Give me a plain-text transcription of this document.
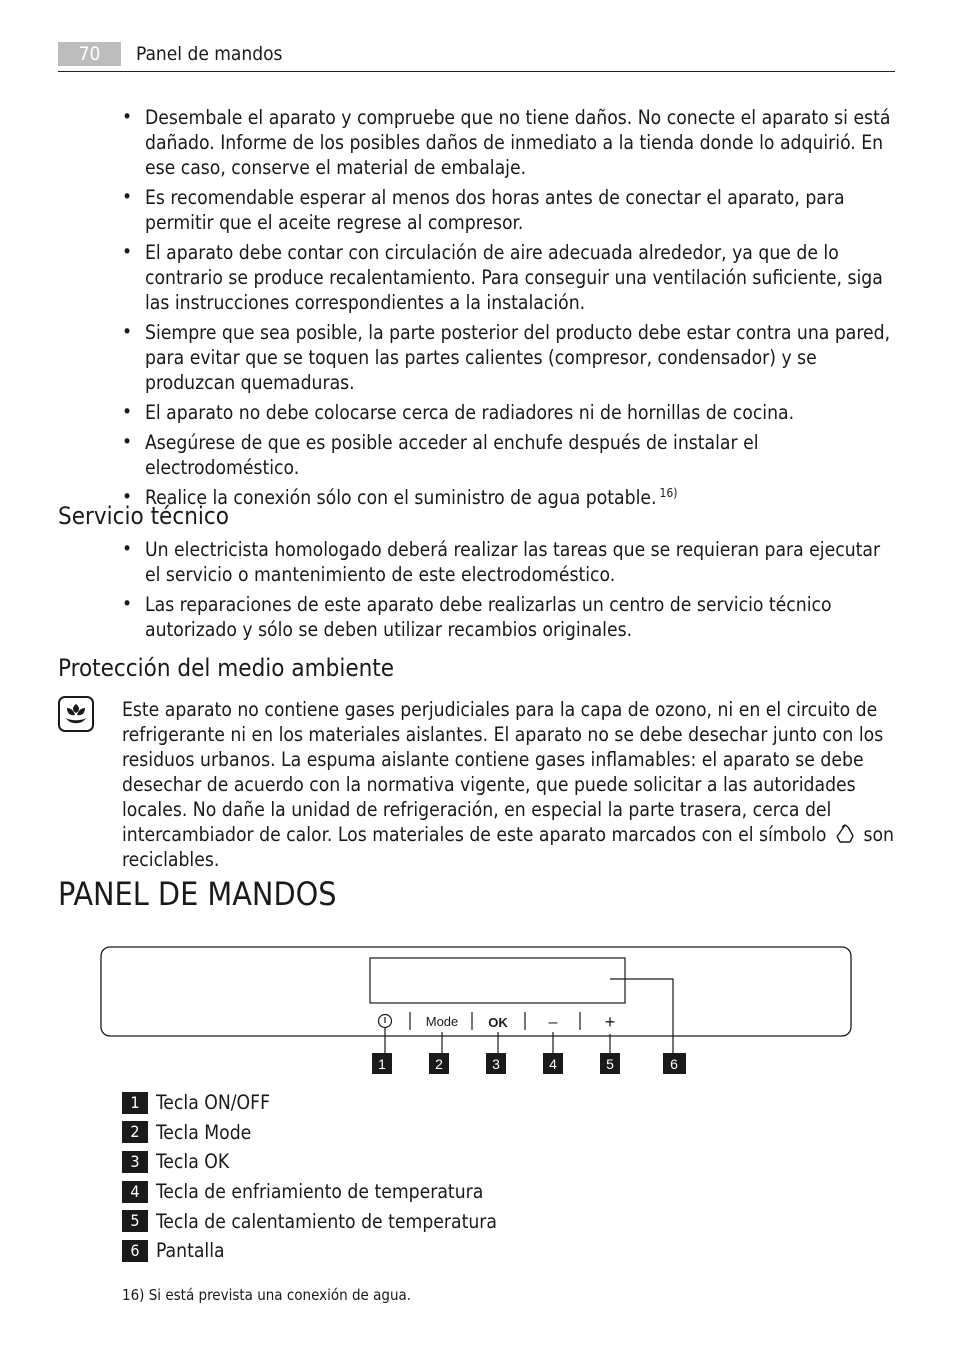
70	Panel de mandos
• Desembale el aparato y compruebe que no tiene daños. No conecte el aparato si está dañado. Informe de los posibles daños de inmediato a la tienda donde lo adquirió. En ese caso, conserve el material de embalaje.
• Es recomendable esperar al menos dos horas antes de conectar el aparato, para permitir que el aceite regrese al compresor.
• El aparato debe contar con circulación de aire adecuada alrededor, ya que de lo contrario se produce recalentamiento. Para conseguir una ventilación suficiente, siga las instrucciones correspondientes a la instalación.
• Siempre que sea posible, la parte posterior del producto debe estar contra una pared, para evitar que se toquen las partes calientes (compresor, condensador) y se produzcan quemaduras.
• El aparato no debe colocarse cerca de radiadores ni de hornillas de cocina.
• Asegúrese de que es posible acceder al enchufe después de instalar el electrodoméstico.
• Realice la conexión sólo con el suministro de agua potable. $^{16)}$
Servicio técnico
• Un electricista homologado deberá realizar las tareas que se requieran para ejecutar el servicio o mantenimiento de este electrodoméstico.
• Las reparaciones de este aparato debe realizarlas un centro de servicio técnico autorizado y sólo se deben utilizar recambios originales.
Protección del medio ambiente

Este aparato no contiene gases perjudiciales para la capa de ozono, ni en el circuito de refrigerante ni en los materiales aislantes. El aparato no se debe desechar junto con los residuos urbanos. La espuma aislante contiene gases inflamables: el aparato se debe desechar de acuerdo con la normativa vigente, que puede solicitar a las autoridades locales. No dañe la unidad de refrigeración, en especial la parte trasera, cerca del intercambiador de calor. Los materiales de este aparato marcados con el símbolo son reciclables.

PANEL DE MANDOS
Mode OK	–	+
1	2	3	4	5	6
1 Tecla ON/OFF
2 Tecla Mode
3 Tecla OK
4 Tecla de enfriamiento de temperatura
5 Tecla de calentamiento de temperatura
6 Pantalla
16) Si está prevista una conexión de agua.
